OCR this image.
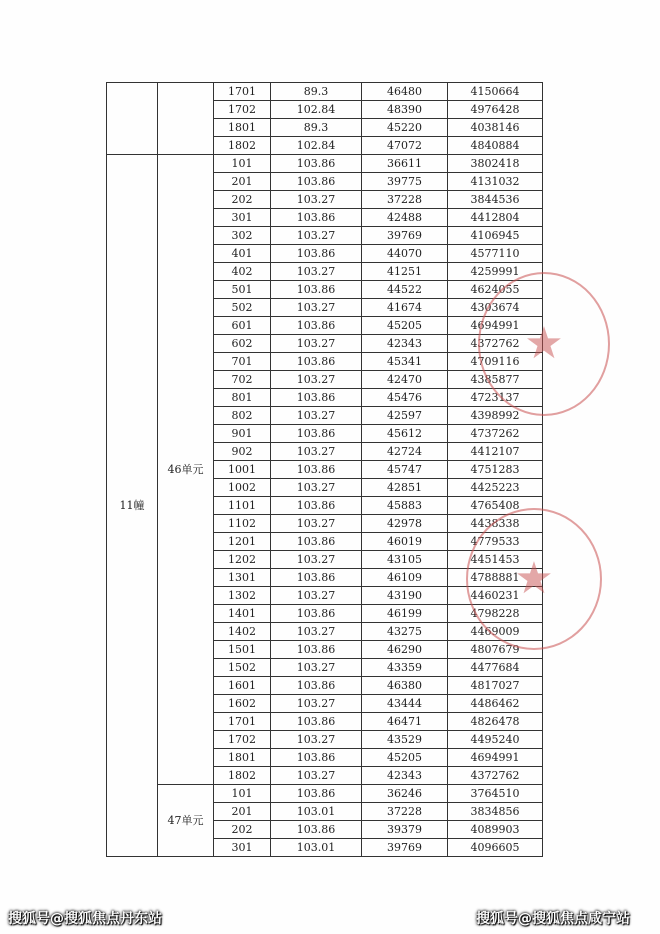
		1701	89.3	46480	4150664
		1702	102.84	48390	4976428
		1801	89.3	45220	4038146
		1802	102.84	47072	4840884
11幢	46单元	101	103.86	36611	3802418
		201	103.86	39775	4131032
		202	103.27	37228	3844536
		301	103.86	42488	4412804
		302	103.27	39769	4106945
		401	103.86	44070	4577110
		402	103.27	41251	4259991
		501	103.86	44522	4624055
		502	103.27	41674	4303674
		601	103.86	45205	4694991
		602	103.27	42343	4372762
		701	103.86	45341	4709116
		702	103.27	42470	4385877
		801	103.86	45476	4723137
		802	103.27	42597	4398992
		901	103.86	45612	4737262
		902	103.27	42724	4412107
		1001	103.86	45747	4751283
		1002	103.27	42851	4425223
		1101	103.86	45883	4765408
		1102	103.27	42978	4438338
		1201	103.86	46019	4779533
		1202	103.27	43105	4451453
		1301	103.86	46109	4788881
		1302	103.27	43190	4460231
		1401	103.86	46199	4798228
		1402	103.27	43275	4469009
		1501	103.86	46290	4807679
		1502	103.27	43359	4477684
		1601	103.86	46380	4817027
		1602	103.27	43444	4486462
		1701	103.86	46471	4826478
		1702	103.27	43529	4495240
		1801	103.86	45205	4694991
		1802	103.27	42343	4372762
	47单元	101	103.86	36246	3764510
		201	103.01	37228	3834856
		202	103.86	39379	4089903
		301	103.01	39769	4096605
★
★
搜狐号@搜狐焦点丹东站	搜狐号@搜狐焦点咸宁站
